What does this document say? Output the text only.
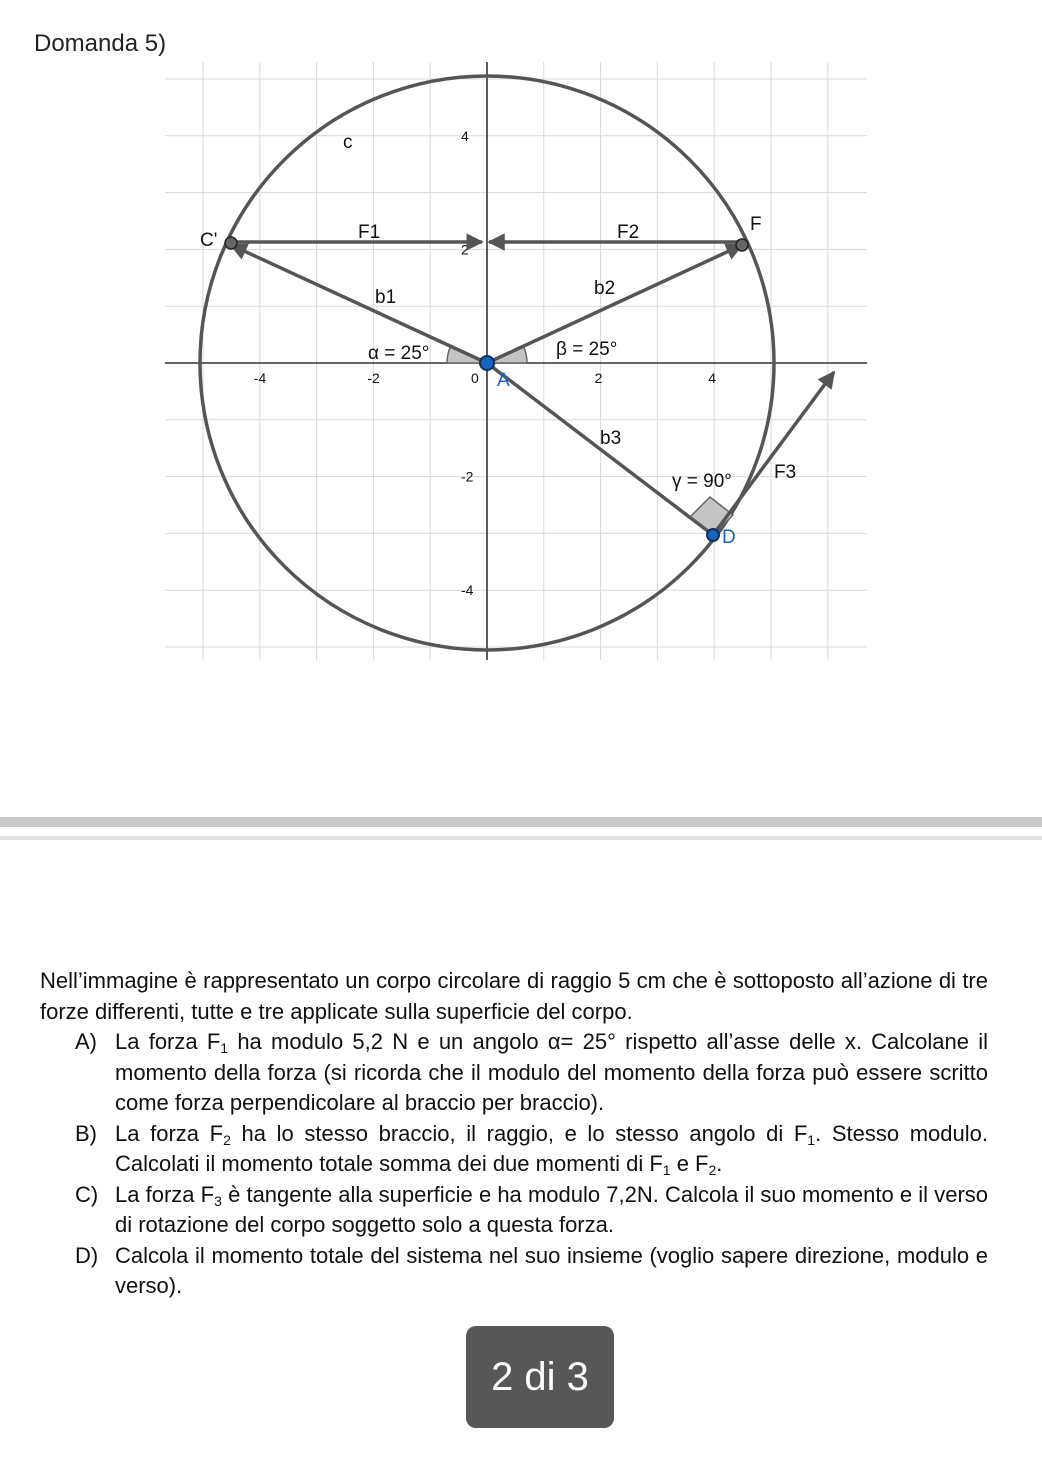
Domanda 5)
-4	-2	0	2	4
4
2
-2
-4
c
C'
F
F1	F2
b1	b2
b3
α = 25°	β = 25°
γ = 90°
A
D
F3

Nell’immagine è rappresentato un corpo circolare di raggio 5 cm che è sottoposto all’azione di tre forze differenti, tutte e tre applicate sulla superficie del corpo.

A) La forza $F_1$ ha modulo 5,2 N e un angolo α= 25° rispetto all’asse delle x. Calcolane il momento della forza (si ricorda che il modulo del momento della forza può essere scritto come forza perpendicolare al braccio per braccio).
B) La forza $F_2$ ha lo stesso braccio, il raggio, e lo stesso angolo di $F_1$. Stesso modulo. Calcolati il momento totale somma dei due momenti di $F_1$ e $F_2$.
C) La forza $F_3$ è tangente alla superficie e ha modulo 7,2N. Calcola il suo momento e il verso di rotazione del corpo soggetto solo a questa forza.
D) Calcola il momento totale del sistema nel suo insieme (voglio sapere direzione, modulo e verso).
2 di 3
